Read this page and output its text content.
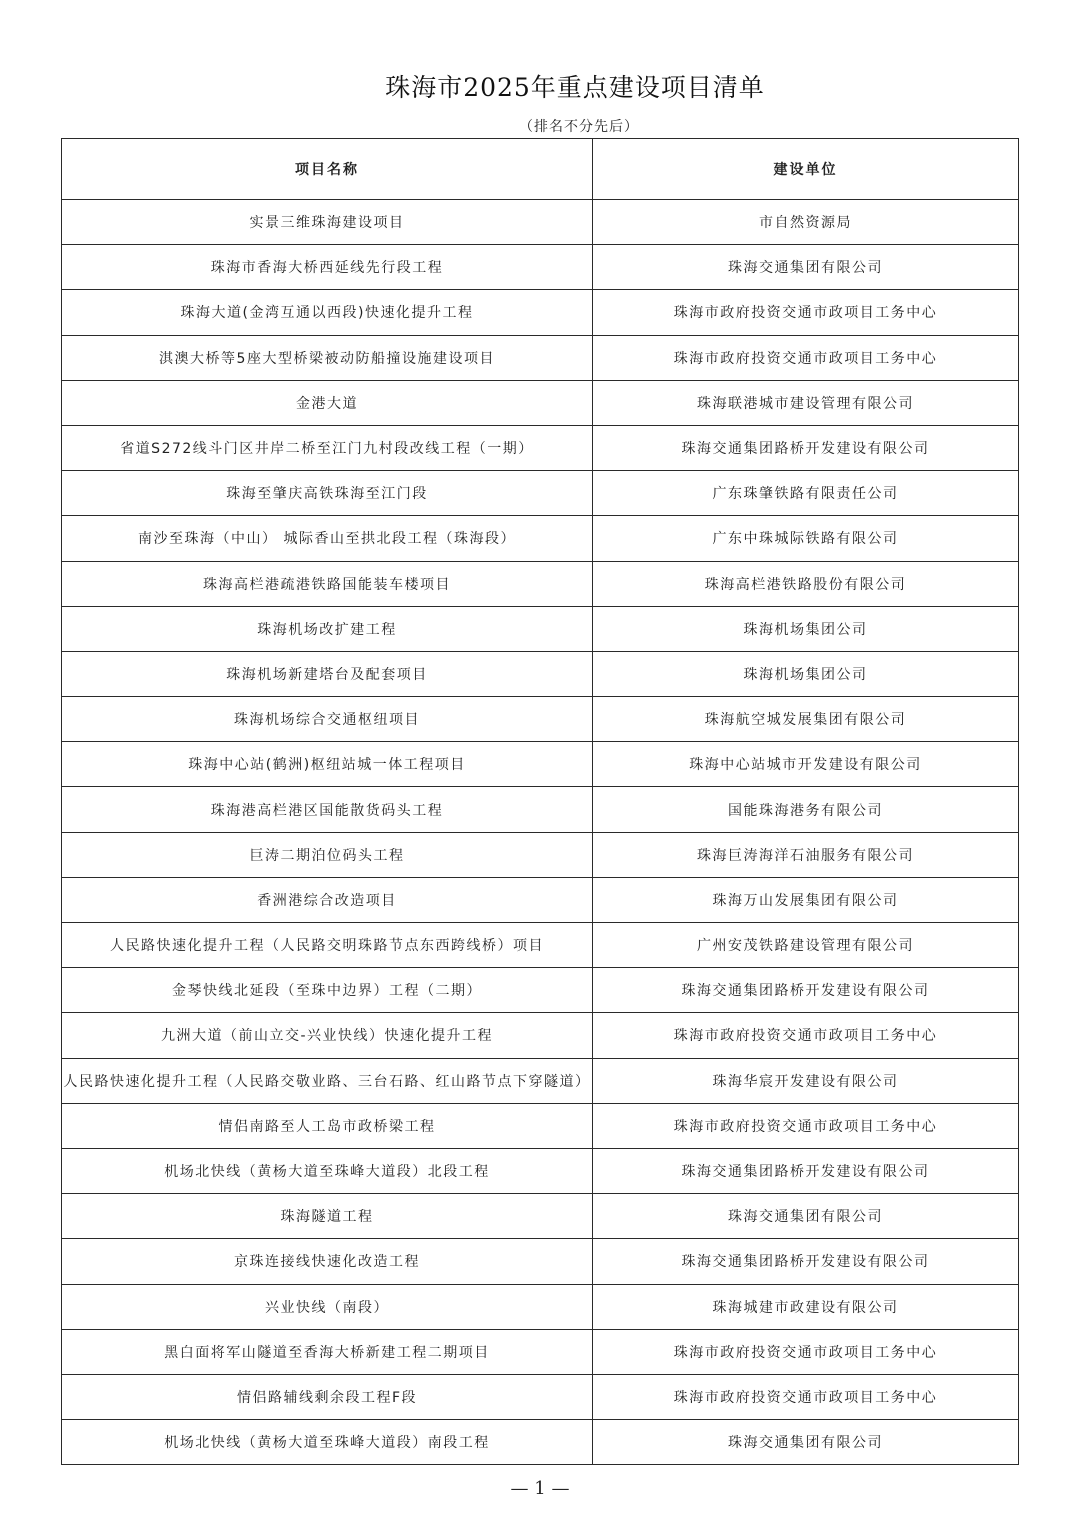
珠海市2025年重点建设项目清单
（排名不分先后）
项目名称	建设单位
实景三维珠海建设项目	市自然资源局
珠海市香海大桥西延线先行段工程	珠海交通集团有限公司
珠海大道(金湾互通以西段)快速化提升工程	珠海市政府投资交通市政项目工务中心
淇澳大桥等5座大型桥梁被动防船撞设施建设项目	珠海市政府投资交通市政项目工务中心
金港大道	珠海联港城市建设管理有限公司
省道S272线斗门区井岸二桥至江门九村段改线工程（一期）	珠海交通集团路桥开发建设有限公司
珠海至肇庆高铁珠海至江门段	广东珠肇铁路有限责任公司
南沙至珠海（中山） 城际香山至拱北段工程（珠海段）	广东中珠城际铁路有限公司
珠海高栏港疏港铁路国能装车楼项目	珠海高栏港铁路股份有限公司
珠海机场改扩建工程	珠海机场集团公司
珠海机场新建塔台及配套项目	珠海机场集团公司
珠海机场综合交通枢纽项目	珠海航空城发展集团有限公司
珠海中心站(鹤洲)枢纽站城一体工程项目	珠海中心站城市开发建设有限公司
珠海港高栏港区国能散货码头工程	国能珠海港务有限公司
巨涛二期泊位码头工程	珠海巨涛海洋石油服务有限公司
香洲港综合改造项目	珠海万山发展集团有限公司
人民路快速化提升工程（人民路交明珠路节点东西跨线桥）项目	广州安茂铁路建设管理有限公司
金琴快线北延段（至珠中边界）工程（二期）	珠海交通集团路桥开发建设有限公司
九洲大道（前山立交-兴业快线）快速化提升工程	珠海市政府投资交通市政项目工务中心
人民路快速化提升工程（人民路交敬业路、三台石路、红山路节点下穿隧道）	珠海华宸开发建设有限公司
情侣南路至人工岛市政桥梁工程	珠海市政府投资交通市政项目工务中心
机场北快线（黄杨大道至珠峰大道段）北段工程	珠海交通集团路桥开发建设有限公司
珠海隧道工程	珠海交通集团有限公司
京珠连接线快速化改造工程	珠海交通集团路桥开发建设有限公司
兴业快线（南段）	珠海城建市政建设有限公司
黑白面将军山隧道至香海大桥新建工程二期项目	珠海市政府投资交通市政项目工务中心
情侣路辅线剩余段工程F段	珠海市政府投资交通市政项目工务中心
机场北快线（黄杨大道至珠峰大道段）南段工程	珠海交通集团有限公司
— 1 —
